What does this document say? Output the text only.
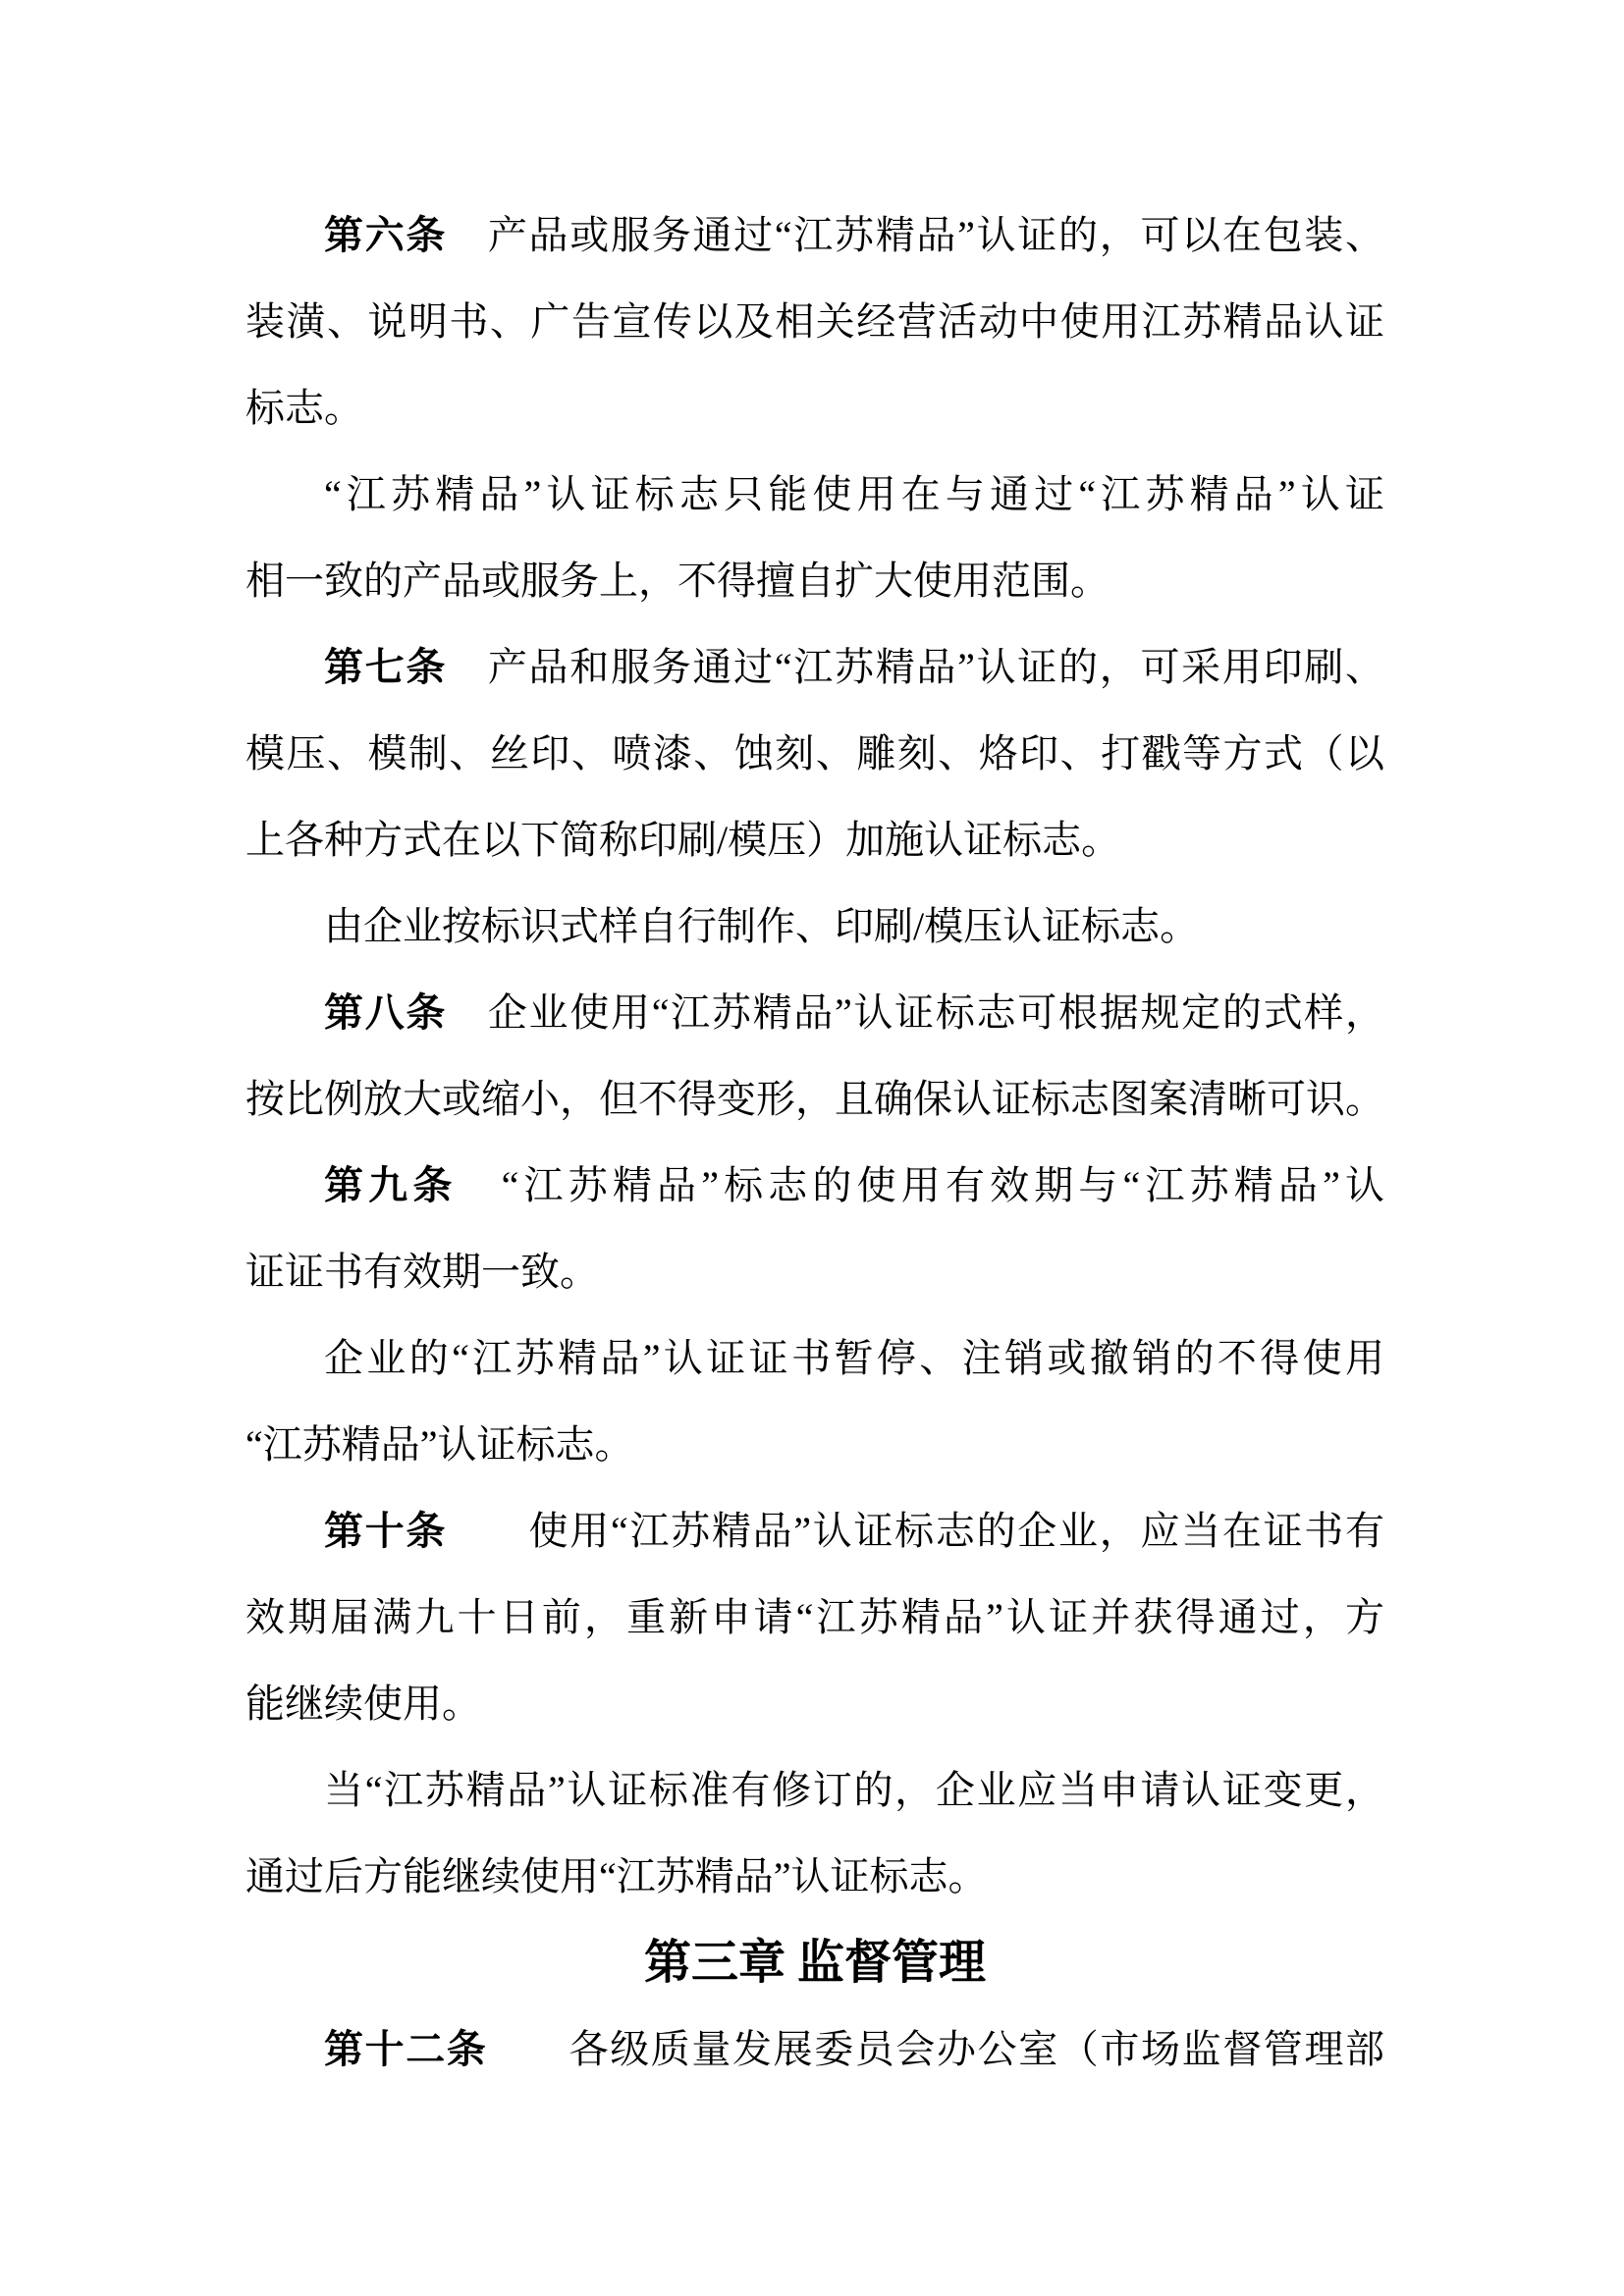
第六条　产品或服务通过“江苏精品”认证的，可以在包装、
装潢、说明书、广告宣传以及相关经营活动中使用江苏精品认证
标志。
“江苏精品”认证标志只能使用在与通过“江苏精品”认证
相一致的产品或服务上，不得擅自扩大使用范围。
第七条　产品和服务通过“江苏精品”认证的，可采用印刷、
模压、模制、丝印、喷漆、蚀刻、雕刻、烙印、打戳等方式（以
上各种方式在以下简称印刷/模压）加施认证标志。
由企业按标识式样自行制作、印刷/模压认证标志。
第八条　企业使用“江苏精品”认证标志可根据规定的式样，
按比例放大或缩小，但不得变形，且确保认证标志图案清晰可识。
第九条　“江苏精品”标志的使用有效期与“江苏精品”认
证证书有效期一致。
企业的“江苏精品”认证证书暂停、注销或撤销的不得使用
“江苏精品”认证标志。
第十条　　使用“江苏精品”认证标志的企业，应当在证书有
效期届满九十日前，重新申请“江苏精品”认证并获得通过，方
能继续使用。
当“江苏精品”认证标准有修订的，企业应当申请认证变更，
通过后方能继续使用“江苏精品”认证标志。
第三章 监督管理
第十二条　　各级质量发展委员会办公室（市场监督管理部
